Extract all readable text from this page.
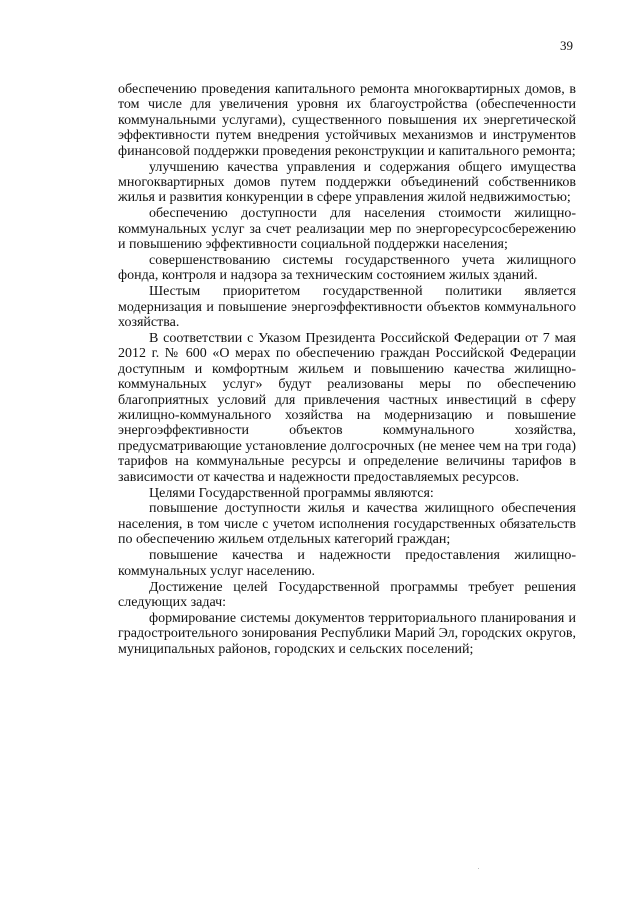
39

обеспечению проведения капитального ремонта многоквартирных домов, в том числе для увеличения уровня их благоустройства (обеспеченности коммунальными услугами), существенного повышения их энергетической эффективности путем внедрения устойчивых механизмов и инструментов финансовой поддержки проведения реконструкции и капитального ремонта;

улучшению качества управления и содержания общего имущества многоквартирных домов путем поддержки объединений собственников жилья и развития конкуренции в сфере управления жилой недвижимостью;

обеспечению доступности для населения стоимости жилищно-коммунальных услуг за счет реализации мер по энергоресурсосбережению и повышению эффективности социальной поддержки населения;

совершенствованию системы государственного учета жилищного фонда, контроля и надзора за техническим состоянием жилых зданий.

Шестым приоритетом государственной политики является модернизация и повышение энергоэффективности объектов коммунального хозяйства.

В соответствии с Указом Президента Российской Федерации от 7 мая 2012 г. № 600 «О мерах по обеспечению граждан Российской Федерации доступным и комфортным жильем и повышению качества жилищно-коммунальных услуг» будут реализованы меры по обеспечению благоприятных условий для привлечения частных инвестиций в сферу жилищно-коммунального хозяйства на модернизацию и повышение энергоэффективности объектов коммунального хозяйства, предусматривающие установление долгосрочных (не менее чем на три года) тарифов на коммунальные ресурсы и определение величины тарифов в зависимости от качества и надежности предоставляемых ресурсов.

Целями Государственной программы являются:

повышение доступности жилья и качества жилищного обеспечения населения, в том числе с учетом исполнения государственных обязательств по обеспечению жильем отдельных категорий граждан;

повышение качества и надежности предоставления жилищно-коммунальных услуг населению.

Достижение целей Государственной программы требует решения следующих задач:

формирование системы документов территориального планирования и градостроительного зонирования Республики Марий Эл, городских округов, муниципальных районов, городских и сельских поселений;
